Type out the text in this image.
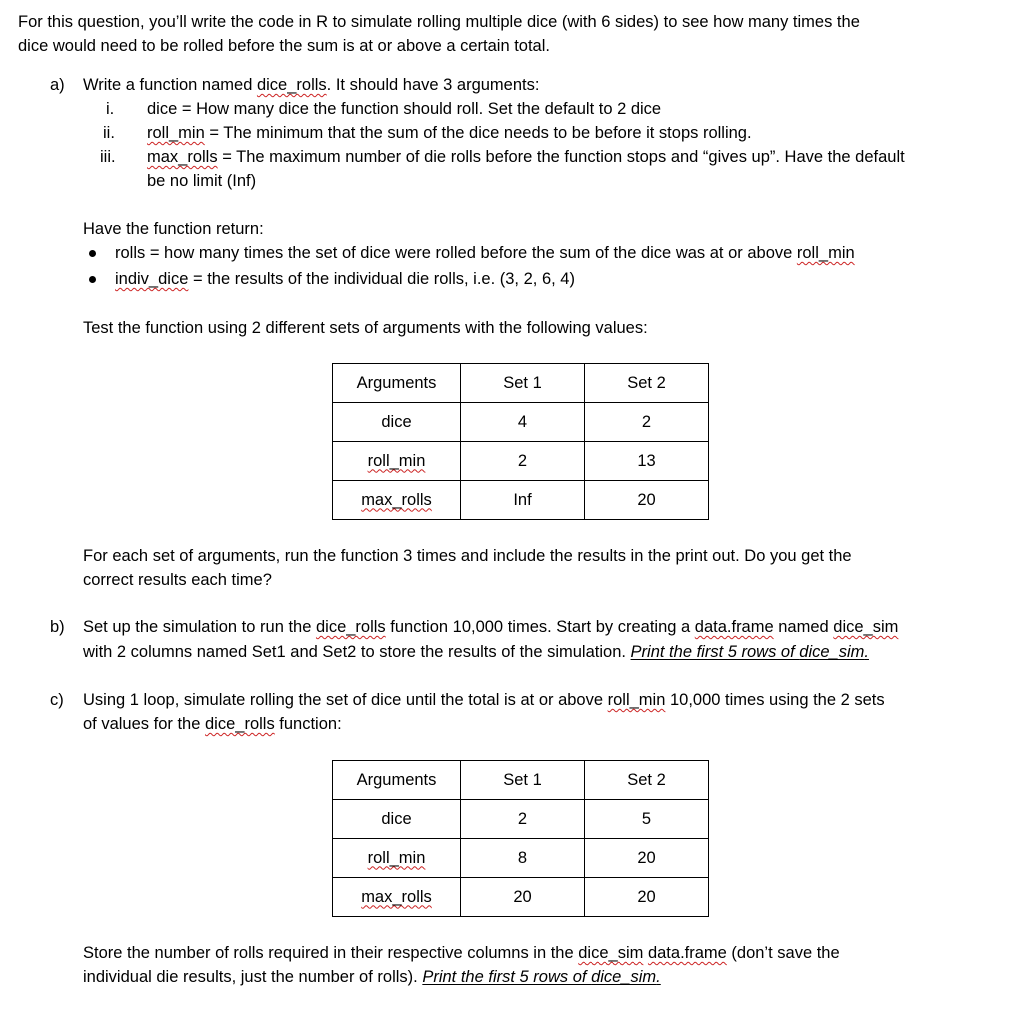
For this question, you’ll write the code in R to simulate rolling multiple dice (with 6 sides) to see how many times the
dice would need to be rolled before the sum is at or above a certain total.
a) Write a function named dice_rolls. It should have 3 arguments:
i. dice = How many dice the function should roll. Set the default to 2 dice
ii. roll_min = The minimum that the sum of the dice needs to be before it stops rolling.
iii. max_rolls = The maximum number of die rolls before the function stops and “gives up”. Have the default
be no limit (Inf)
Have the function return:
rolls = how many times the set of dice were rolled before the sum of the dice was at or above roll_min
indiv_dice = the results of the individual die rolls, i.e. (3, 2, 6, 4)
Test the function using 2 different sets of arguments with the following values:
Arguments	Set 1	Set 2
dice	4	2
roll_min	2	13
max_rolls	Inf	20
For each set of arguments, run the function 3 times and include the results in the print out. Do you get the
correct results each time?
b) Set up the simulation to run the dice_rolls function 10,000 times. Start by creating a data.frame named dice_sim
with 2 columns named Set1 and Set2 to store the results of the simulation. Print the first 5 rows of dice_sim.
c) Using 1 loop, simulate rolling the set of dice until the total is at or above roll_min 10,000 times using the 2 sets
of values for the dice_rolls function:
Arguments	Set 1	Set 2
dice	2	5
roll_min	8	20
max_rolls	20	20
Store the number of rolls required in their respective columns in the dice_sim data.frame (don’t save the
individual die results, just the number of rolls). Print the first 5 rows of dice_sim.
